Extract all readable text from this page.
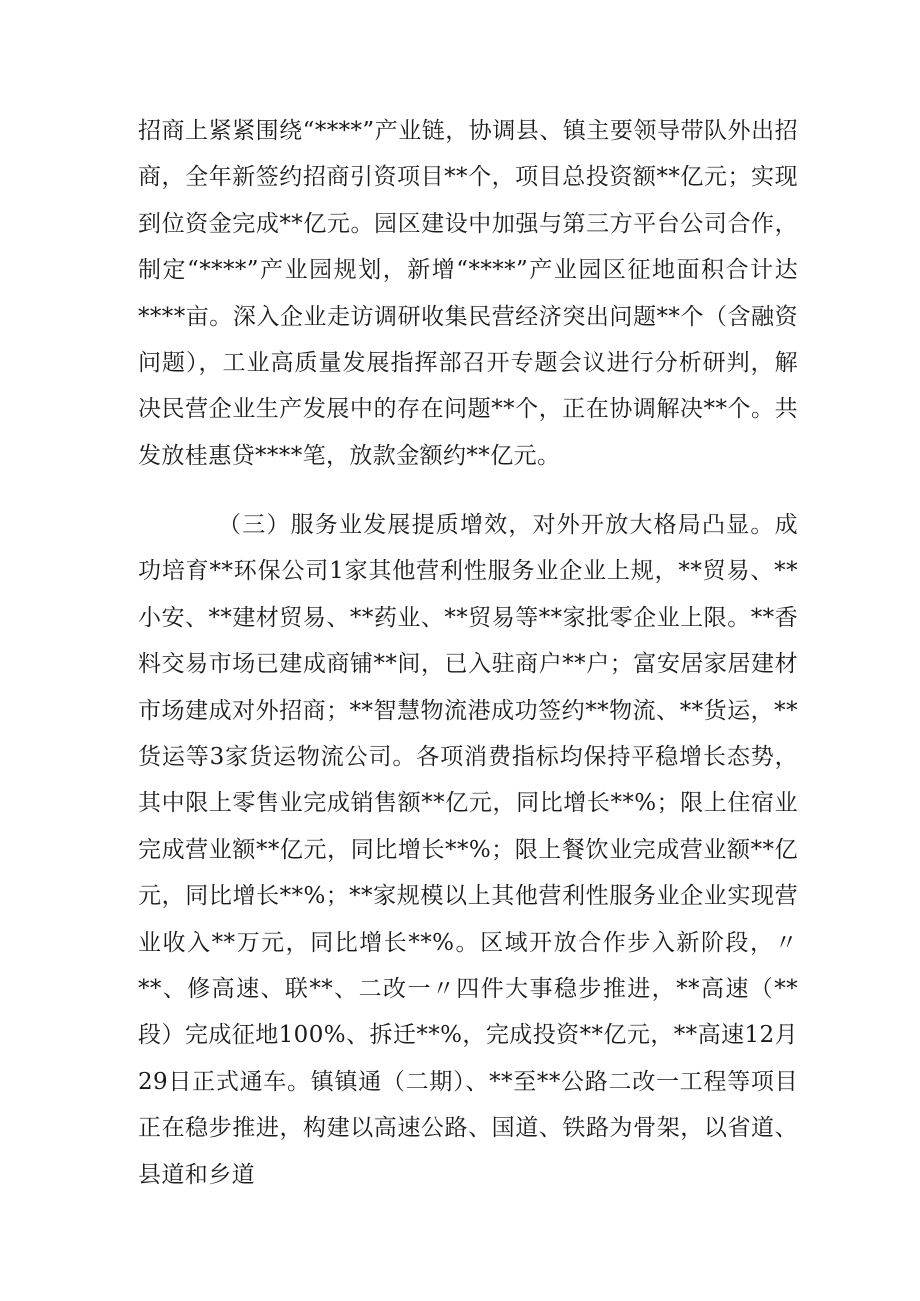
招商上紧紧围绕“****”产业链，协调县、镇主要领导带队外出招商，全年新签约招商引资项目**个，项目总投资额**亿元；实现到位资金完成**亿元。园区建设中加强与第三方平台公司合作，制定“****”产业园规划，新增“****”产业园区征地面积合计达****亩。深入企业走访调研收集民营经济突出问题**个（含融资问题），工业高质量发展指挥部召开专题会议进行分析研判，解决民营企业生产发展中的存在问题**个，正在协调解决**个。共发放桂惠贷****笔，放款金额约**亿元。

（三）服务业发展提质增效，对外开放大格局凸显。成功培育**环保公司1家其他营利性服务业企业上规，**贸易、**小安、**建材贸易、**药业、**贸易等**家批零企业上限。**香料交易市场已建成商铺**间，已入驻商户**户；富安居家居建材市场建成对外招商；**智慧物流港成功签约**物流、**货运，**货运等3家货运物流公司。各项消费指标均保持平稳增长态势，其中限上零售业完成销售额**亿元，同比增长**%；限上住宿业完成营业额**亿元，同比增长**%；限上餐饮业完成营业额**亿元，同比增长**%；**家规模以上其他营利性服务业企业实现营业收入**万元，同比增长**%。区域开放合作步入新阶段，〃**、修高速、联**、二改一〃四件大事稳步推进，**高速（**段）完成征地100%、拆迁**%，完成投资**亿元，**高速12月29日正式通车。镇镇通（二期）、**至**公路二改一工程等项目正在稳步推进，构建以高速公路、国道、铁路为骨架，以省道、县道和乡道
